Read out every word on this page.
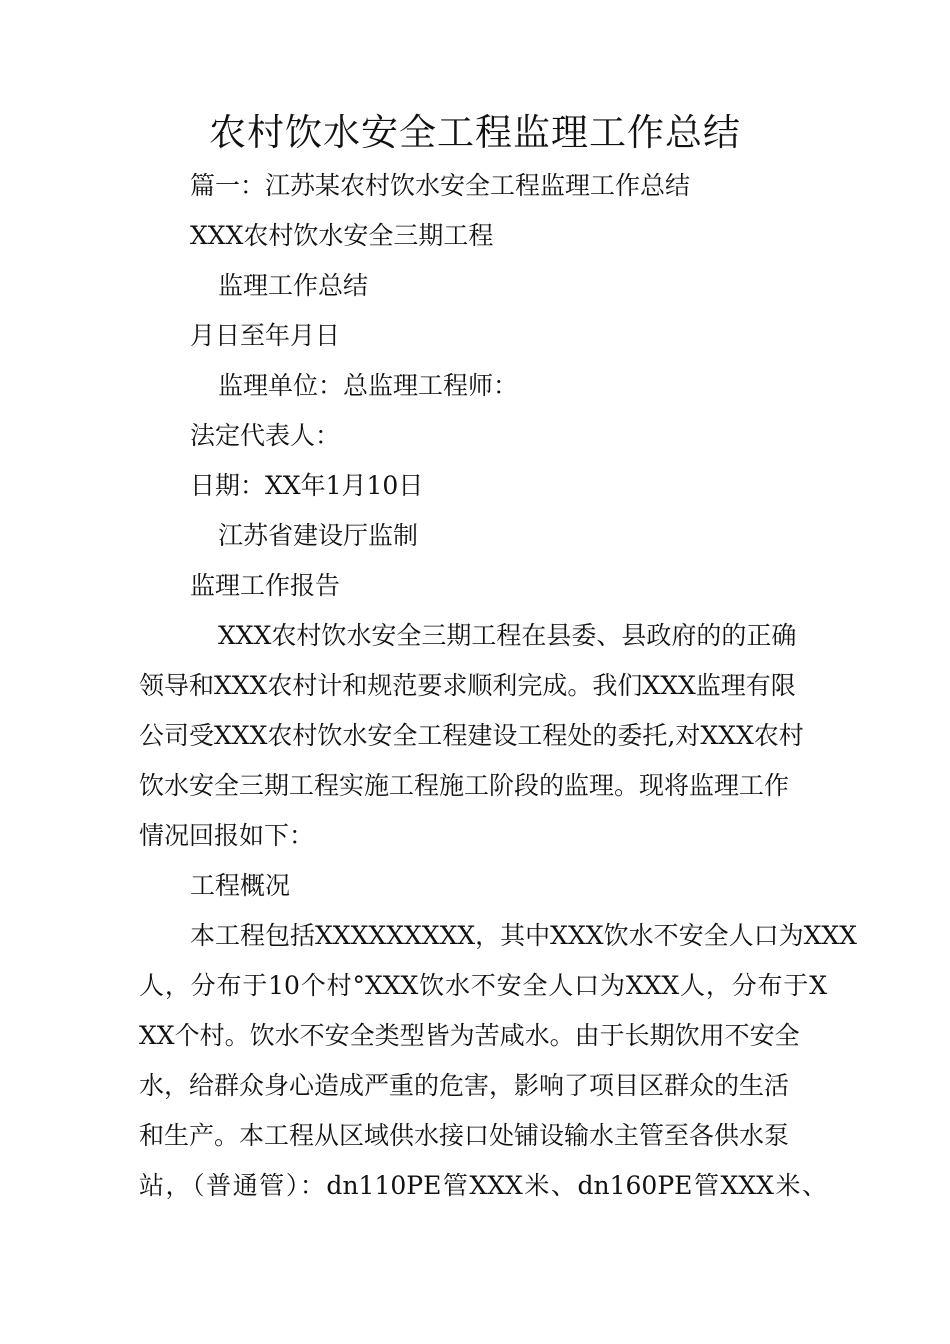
农村饮水安全工程监理工作总结
篇一：江苏某农村饮水安全工程监理工作总结
XXX农村饮水安全三期工程
监理工作总结
月日至年月日
监理单位：总监理工程师：
法定代表人：
日期：XX年1月10日
江苏省建设厅监制
监理工作报告
XXX农村饮水安全三期工程在县委、县政府的的正确
领导和XXX农村计和规范要求顺利完成。我们XXX监理有限
公司受XXX农村饮水安全工程建设工程处的委托,对XXX农村
饮水安全三期工程实施工程施工阶段的监理。现将监理工作
情况回报如下：
工程概况
本工程包括XXXXXXXXX，其中XXX饮水不安全人口为XXX
人，分布于10个村°XXX饮水不安全人口为XXX人，分布于X
XX个村。饮水不安全类型皆为苦咸水。由于长期饮用不安全
水，给群众身心造成严重的危害，影响了项目区群众的生活
和生产。本工程从区域供水接口处铺设输水主管至各供水泵
站，（普通管）：dn110PE管XXX米、dn160PE管XXX米、
